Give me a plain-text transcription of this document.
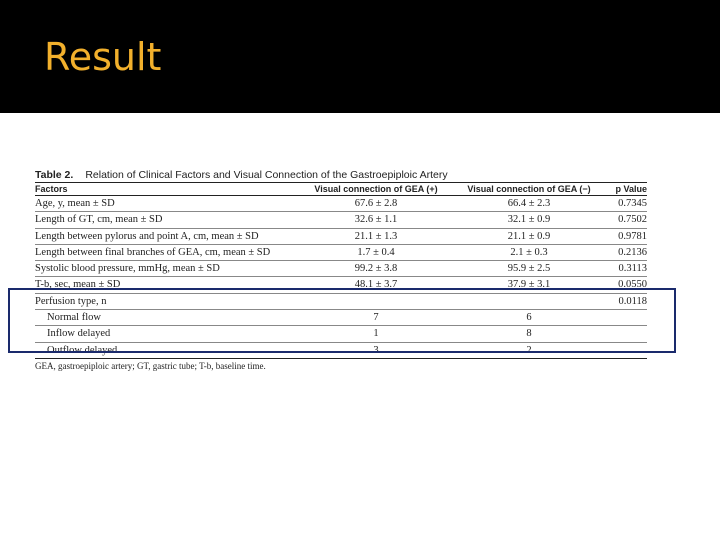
Result
Table 2. Relation of Clinical Factors and Visual Connection of the Gastroepiploic Artery
Factors	Visual connection of GEA (+)	Visual connection of GEA (−)	p Value
Age, y, mean ± SD	67.6 ± 2.8	66.4 ± 2.3	0.7345
Length of GT, cm, mean ± SD	32.6 ± 1.1	32.1 ± 0.9	0.7502
Length between pylorus and point A, cm, mean ± SD	21.1 ± 1.3	21.1 ± 0.9	0.9781
Length between final branches of GEA, cm, mean ± SD	1.7 ± 0.4	2.1 ± 0.3	0.2136
Systolic blood pressure, mmHg, mean ± SD	99.2 ± 3.8	95.9 ± 2.5	0.3113
T-b, sec, mean ± SD	48.1 ± 3.7	37.9 ± 3.1	0.0550
Perfusion type, n			0.0118
Normal flow	7	6	
Inflow delayed	1	8	
Outflow delayed	3	2	
GEA, gastroepiploic artery; GT, gastric tube; T-b, baseline time.
